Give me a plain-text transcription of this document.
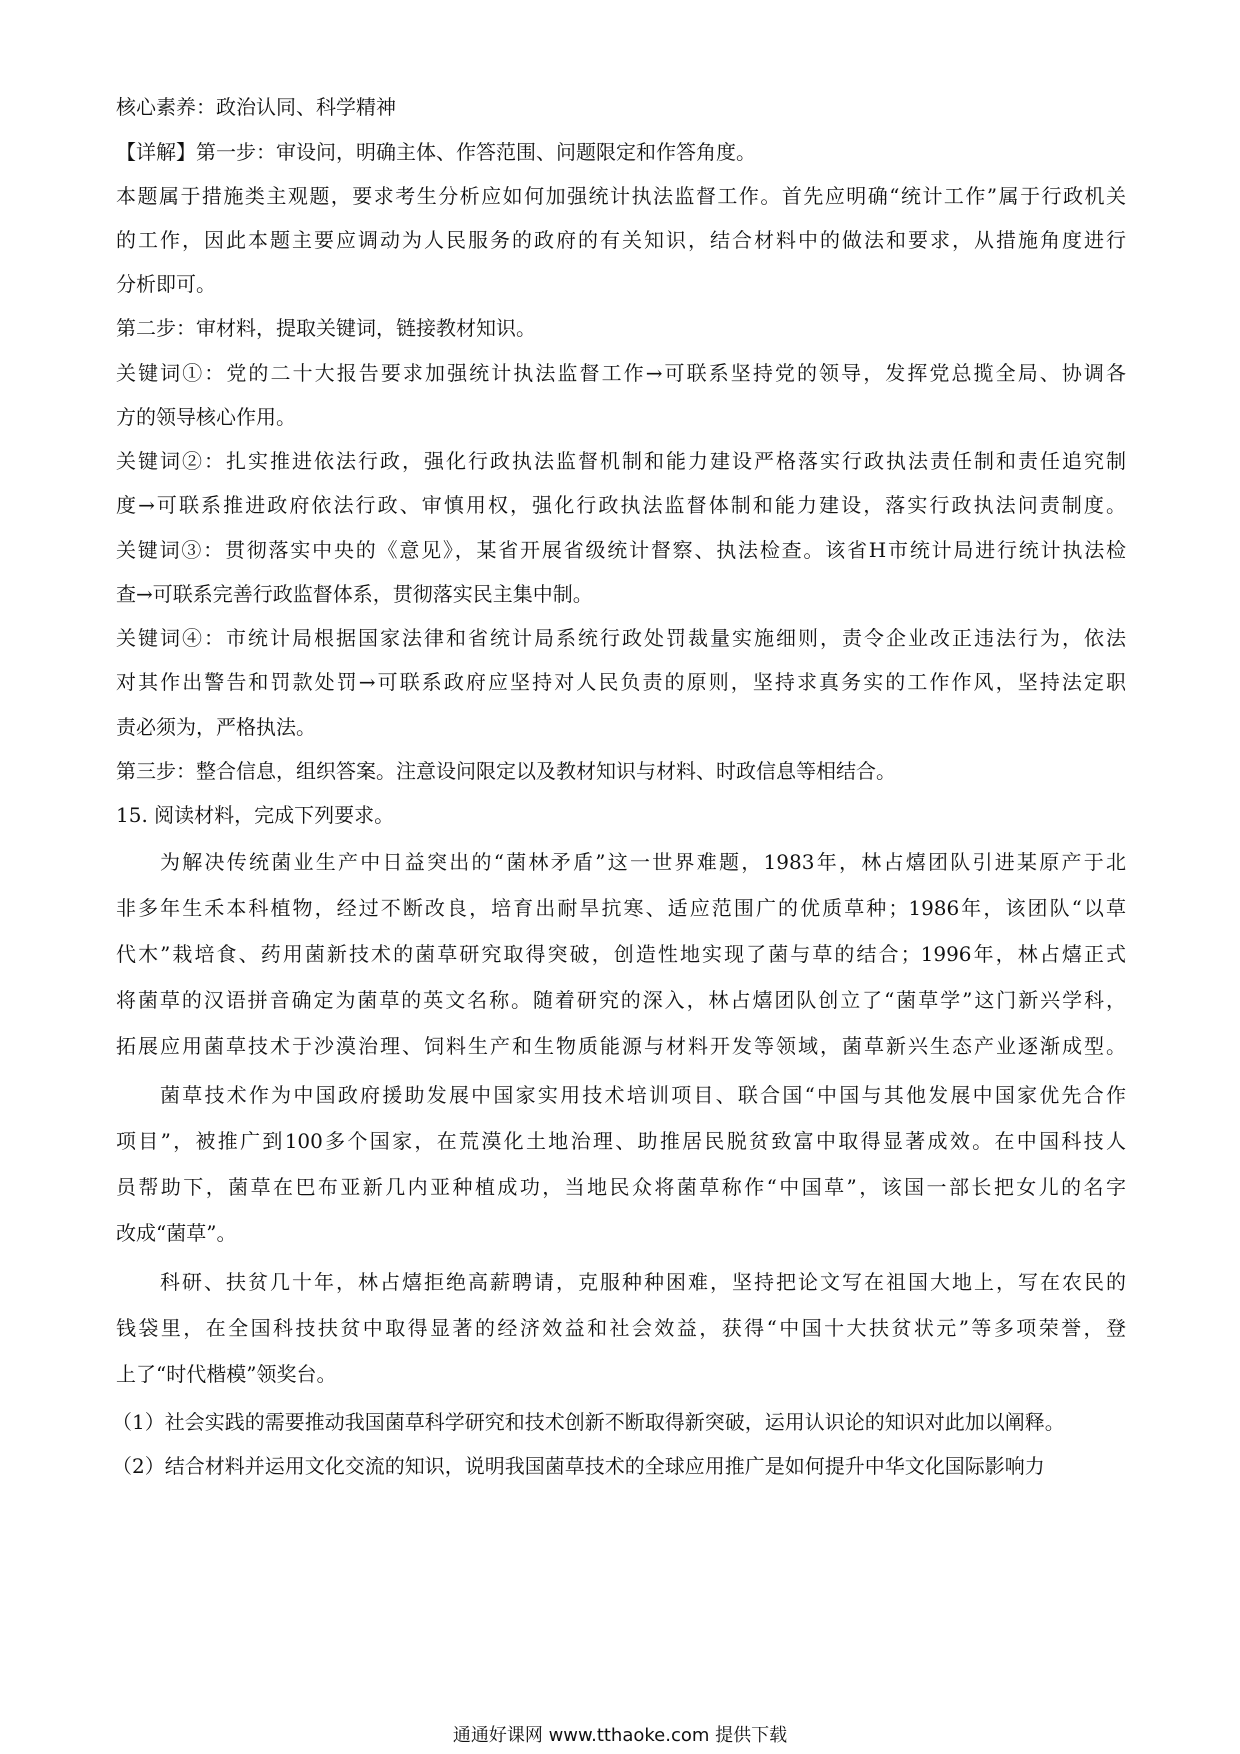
核心素养：政治认同、科学精神
【详解】第一步：审设问，明确主体、作答范围、问题限定和作答角度。
本题属于措施类主观题，要求考生分析应如何加强统计执法监督工作。首先应明确“统计工作”属于行政机关
的工作，因此本题主要应调动为人民服务的政府的有关知识，结合材料中的做法和要求，从措施角度进行
分析即可。
第二步：审材料，提取关键词，链接教材知识。
关键词①：党的二十大报告要求加强统计执法监督工作→可联系坚持党的领导，发挥党总揽全局、协调各
方的领导核心作用。
关键词②：扎实推进依法行政，强化行政执法监督机制和能力建设严格落实行政执法责任制和责任追究制
度→可联系推进政府依法行政、审慎用权，强化行政执法监督体制和能力建设，落实行政执法问责制度。
关键词③：贯彻落实中央的《意见》，某省开展省级统计督察、执法检查。该省H市统计局进行统计执法检
查→可联系完善行政监督体系，贯彻落实民主集中制。
关键词④：市统计局根据国家法律和省统计局系统行政处罚裁量实施细则，责令企业改正违法行为，依法
对其作出警告和罚款处罚→可联系政府应坚持对人民负责的原则，坚持求真务实的工作作风，坚持法定职
责必须为，严格执法。
第三步：整合信息，组织答案。注意设问限定以及教材知识与材料、时政信息等相结合。
15. 阅读材料，完成下列要求。
为解决传统菌业生产中日益突出的“菌林矛盾”这一世界难题，1983年，林占熺团队引进某原产于北
非多年生禾本科植物，经过不断改良，培育出耐旱抗寒、适应范围广的优质草种；1986年，该团队“以草
代木”栽培食、药用菌新技术的菌草研究取得突破，创造性地实现了菌与草的结合；1996年，林占熺正式
将菌草的汉语拼音确定为菌草的英文名称。随着研究的深入，林占熺团队创立了“菌草学”这门新兴学科，
拓展应用菌草技术于沙漠治理、饲料生产和生物质能源与材料开发等领域，菌草新兴生态产业逐渐成型。
菌草技术作为中国政府援助发展中国家实用技术培训项目、联合国“中国与其他发展中国家优先合作
项目”，被推广到100多个国家，在荒漠化土地治理、助推居民脱贫致富中取得显著成效。在中国科技人
员帮助下，菌草在巴布亚新几内亚种植成功，当地民众将菌草称作“中国草”，该国一部长把女儿的名字
改成“菌草”。
科研、扶贫几十年，林占熺拒绝高薪聘请，克服种种困难，坚持把论文写在祖国大地上，写在农民的
钱袋里，在全国科技扶贫中取得显著的经济效益和社会效益，获得“中国十大扶贫状元”等多项荣誉，登
上了“时代楷模”领奖台。
（1）社会实践的需要推动我国菌草科学研究和技术创新不断取得新突破，运用认识论的知识对此加以阐释。
（2）结合材料并运用文化交流的知识，说明我国菌草技术的全球应用推广是如何提升中华文化国际影响力
通通好课网 www.tthaoke.com 提供下载
